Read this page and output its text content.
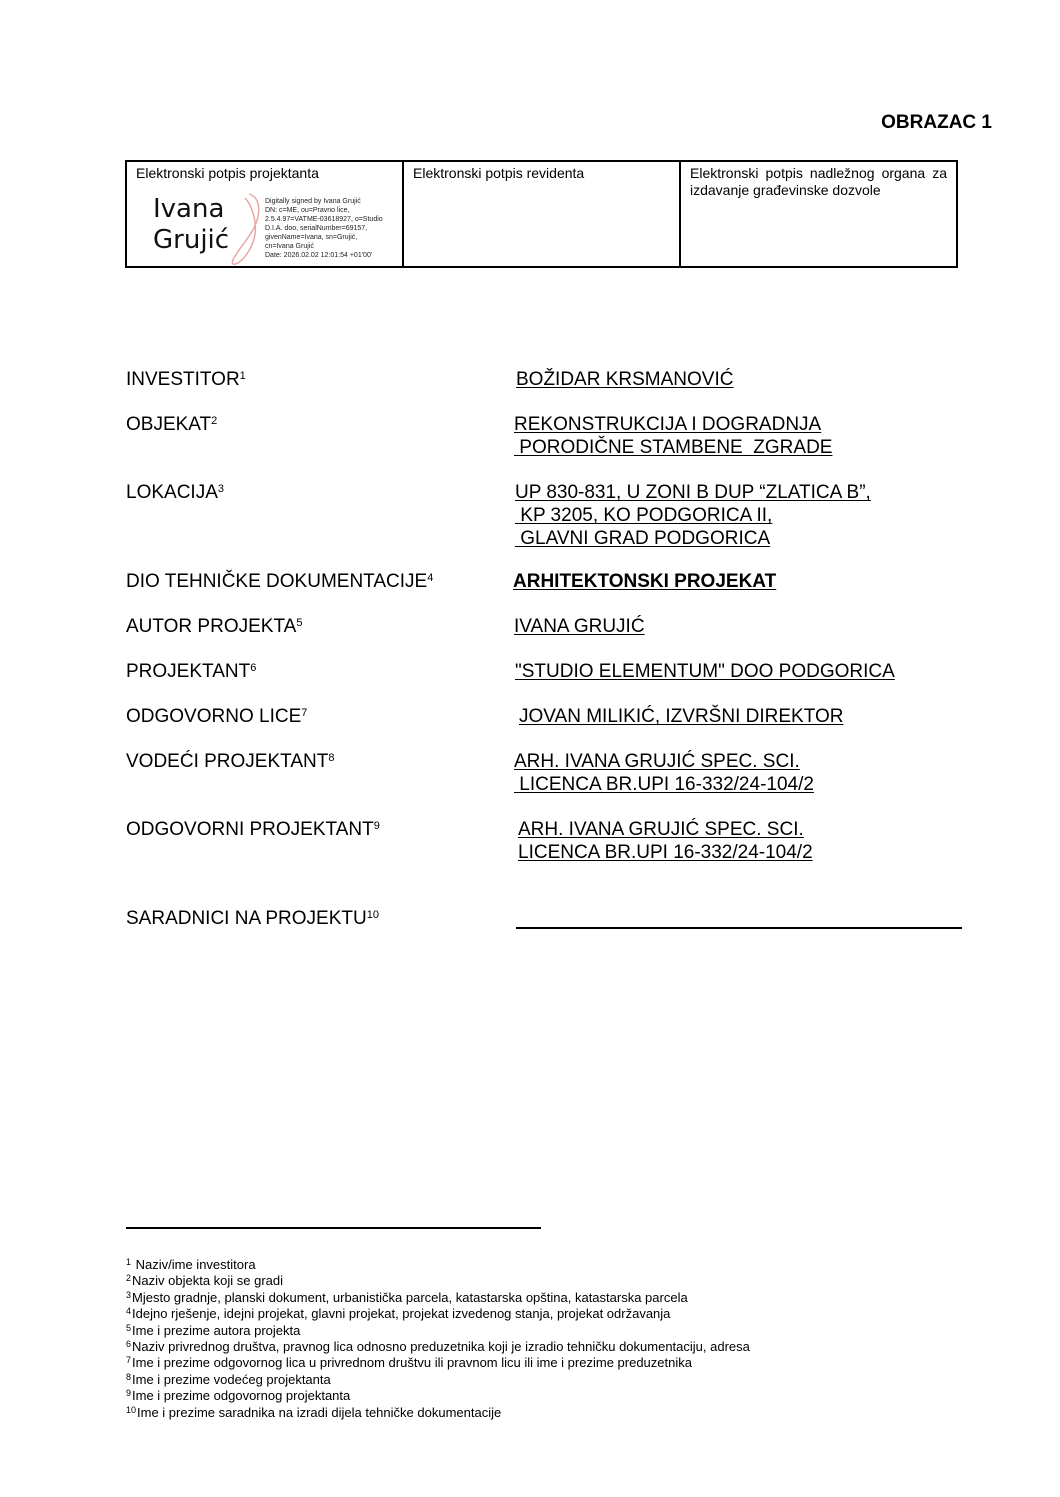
OBRAZAC 1
Elektronski potpis projektanta
Ivana
Grujić
Digitally signed by Ivana Grujić
DN: c=ME, ou=Pravno lice,
2.5.4.97=VATME-03618927, o=Studio
D.I.A. doo, serialNumber=69157,
givenName=Ivana, sn=Grujić,
cn=Ivana Grujić
Date: 2026.02.02 12:01:54 +01'00'
Elektronski potpis revidenta	Elektronski potpis nadležnog organa za izdavanje građevinske dozvole
INVESTITOR$^1$	BOŽIDAR KRSMANOVIĆ
OBJEKAT$^2$	REKONSTRUKCIJA I DOGRADNJA
PORODIČNE STAMBENE  ZGRADE
LOKACIJA$^3$	UP 830-831, U ZONI B DUP “ZLATICA B”,
KP 3205, KO PODGORICA II,
GLAVNI GRAD PODGORICA
DIO TEHNIČKE DOKUMENTACIJE$^4$	ARHITEKTONSKI PROJEKAT
AUTOR PROJEKTA$^5$	IVANA GRUJIĆ
PROJEKTANT$^6$	"STUDIO ELEMENTUM" DOO PODGORICA
ODGOVORNO LICE$^7$	JOVAN MILIKIĆ, IZVRŠNI DIREKTOR
VODEĆI PROJEKTANT$^8$	ARH. IVANA GRUJIĆ SPEC. SCI.
LICENCA BR.UPI 16-332/24-104/2
ODGOVORNI PROJEKTANT$^9$	ARH. IVANA GRUJIĆ SPEC. SCI.
LICENCA BR.UPI 16-332/24-104/2
SARADNICI NA PROJEKTU$^{10}$
$^1$ Naziv/ime investitora
$^2$Naziv objekta koji se gradi
$^3$Mjesto gradnje, planski dokument, urbanistička parcela, katastarska opština, katastarska parcela
$^4$Idejno rješenje, idejni projekat, glavni projekat, projekat izvedenog stanja, projekat održavanja
$^5$Ime i prezime autora projekta
$^6$Naziv privrednog društva, pravnog lica odnosno preduzetnika koji je izradio tehničku dokumentaciju, adresa
$^7$Ime i prezime odgovornog lica u privrednom društvu ili pravnom licu ili ime i prezime preduzetnika
$^8$Ime i prezime vodećeg projektanta
$^9$Ime i prezime odgovornog projektanta
$^{10}$Ime i prezime saradnika na izradi dijela tehničke dokumentacije
